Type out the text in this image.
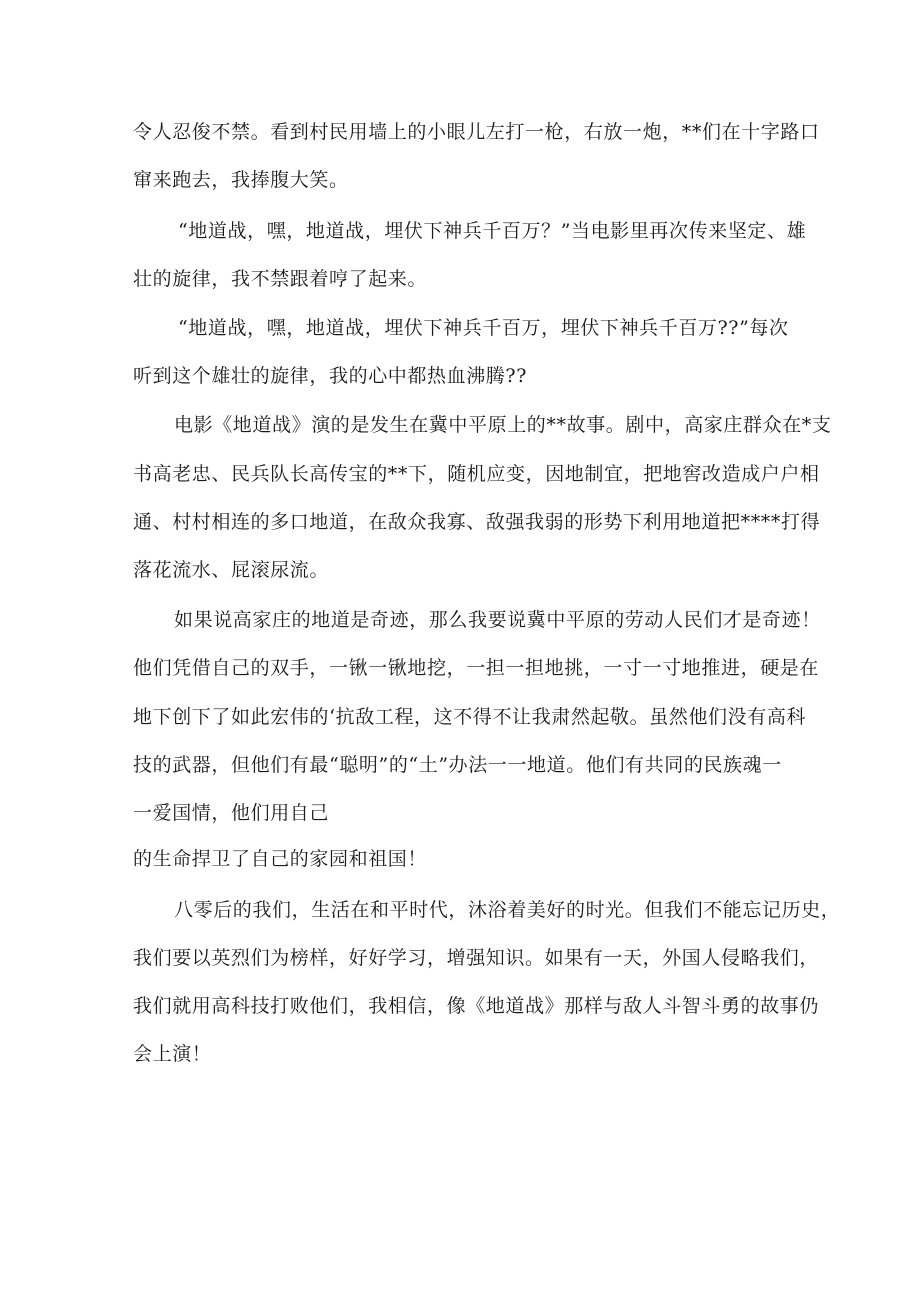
令人忍俊不禁。看到村民用墙上的小眼儿左打一枪，右放一炮，**们在十字路口
窜来跑去，我捧腹大笑。
“地道战，嘿，地道战，埋伏下神兵千百万？”当电影里再次传来坚定、雄
壮的旋律，我不禁跟着哼了起来。
“地道战，嘿，地道战，埋伏下神兵千百万，埋伏下神兵千百万??”每次
听到这个雄壮的旋律，我的心中都热血沸腾??
电影《地道战》演的是发生在冀中平原上的**故事。剧中，高家庄群众在*支
书高老忠、民兵队长高传宝的**下，随机应变，因地制宜，把地窖改造成户户相
通、村村相连的多口地道，在敌众我寡、敌强我弱的形势下利用地道把****打得
落花流水、屁滚尿流。
如果说高家庄的地道是奇迹，那么我要说冀中平原的劳动人民们才是奇迹！
他们凭借自己的双手，一锹一锹地挖，一担一担地挑，一寸一寸地推进，硬是在
地下创下了如此宏伟的‘抗敌工程，这不得不让我肃然起敬。虽然他们没有高科
技的武器，但他们有最“聪明”的“土”办法一一地道。他们有共同的民族魂一
一爱国情，他们用自己
的生命捍卫了自己的家园和祖国！
八零后的我们，生活在和平时代，沐浴着美好的时光。但我们不能忘记历史，
我们要以英烈们为榜样，好好学习，增强知识。如果有一天，外国人侵略我们，
我们就用高科技打败他们，我相信，像《地道战》那样与敌人斗智斗勇的故事仍
会上演！
